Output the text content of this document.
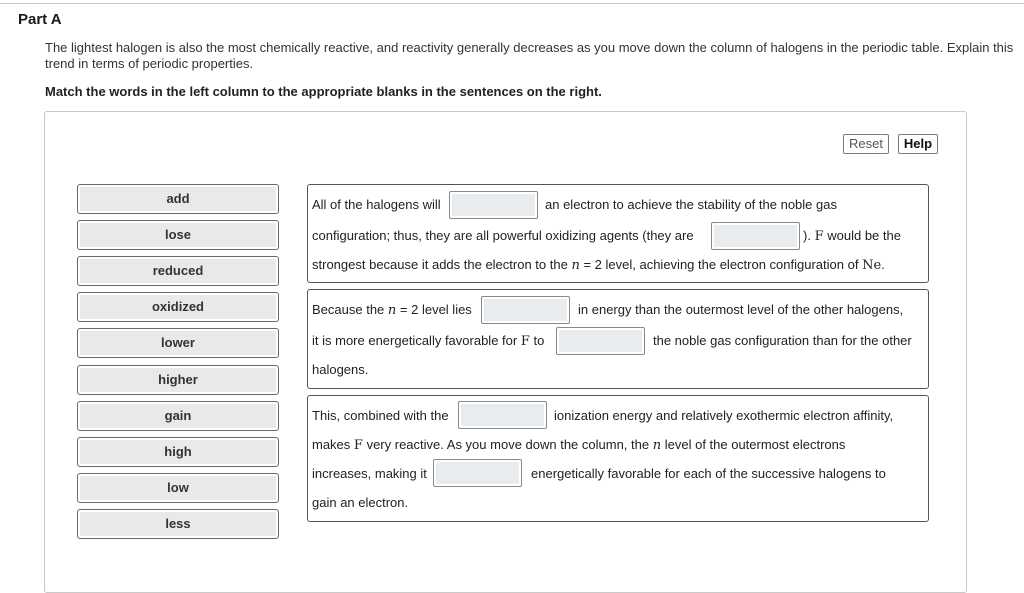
Part A
The lightest halogen is also the most chemically reactive, and reactivity generally decreases as you move down the column of halogens in the periodic table. Explain this trend in terms of periodic properties.
Match the words in the left column to the appropriate blanks in the sentences on the right.
Reset	Help
add
lose
reduced
oxidized
lower
higher
gain
high
low
less
All of the halogens will	an electron to achieve the stability of the noble gas
configuration; thus, they are all powerful oxidizing agents (they are	). F would be the
strongest because it adds the electron to the n = 2 level, achieving the electron configuration of Ne.
Because the n = 2 level lies	in energy than the outermost level of the other halogens,
it is more energetically favorable for F to	the noble gas configuration than for the other
halogens.
This, combined with the	ionization energy and relatively exothermic electron affinity,
makes F very reactive. As you move down the column, the n level of the outermost electrons
increases, making it	energetically favorable for each of the successive halogens to
gain an electron.
